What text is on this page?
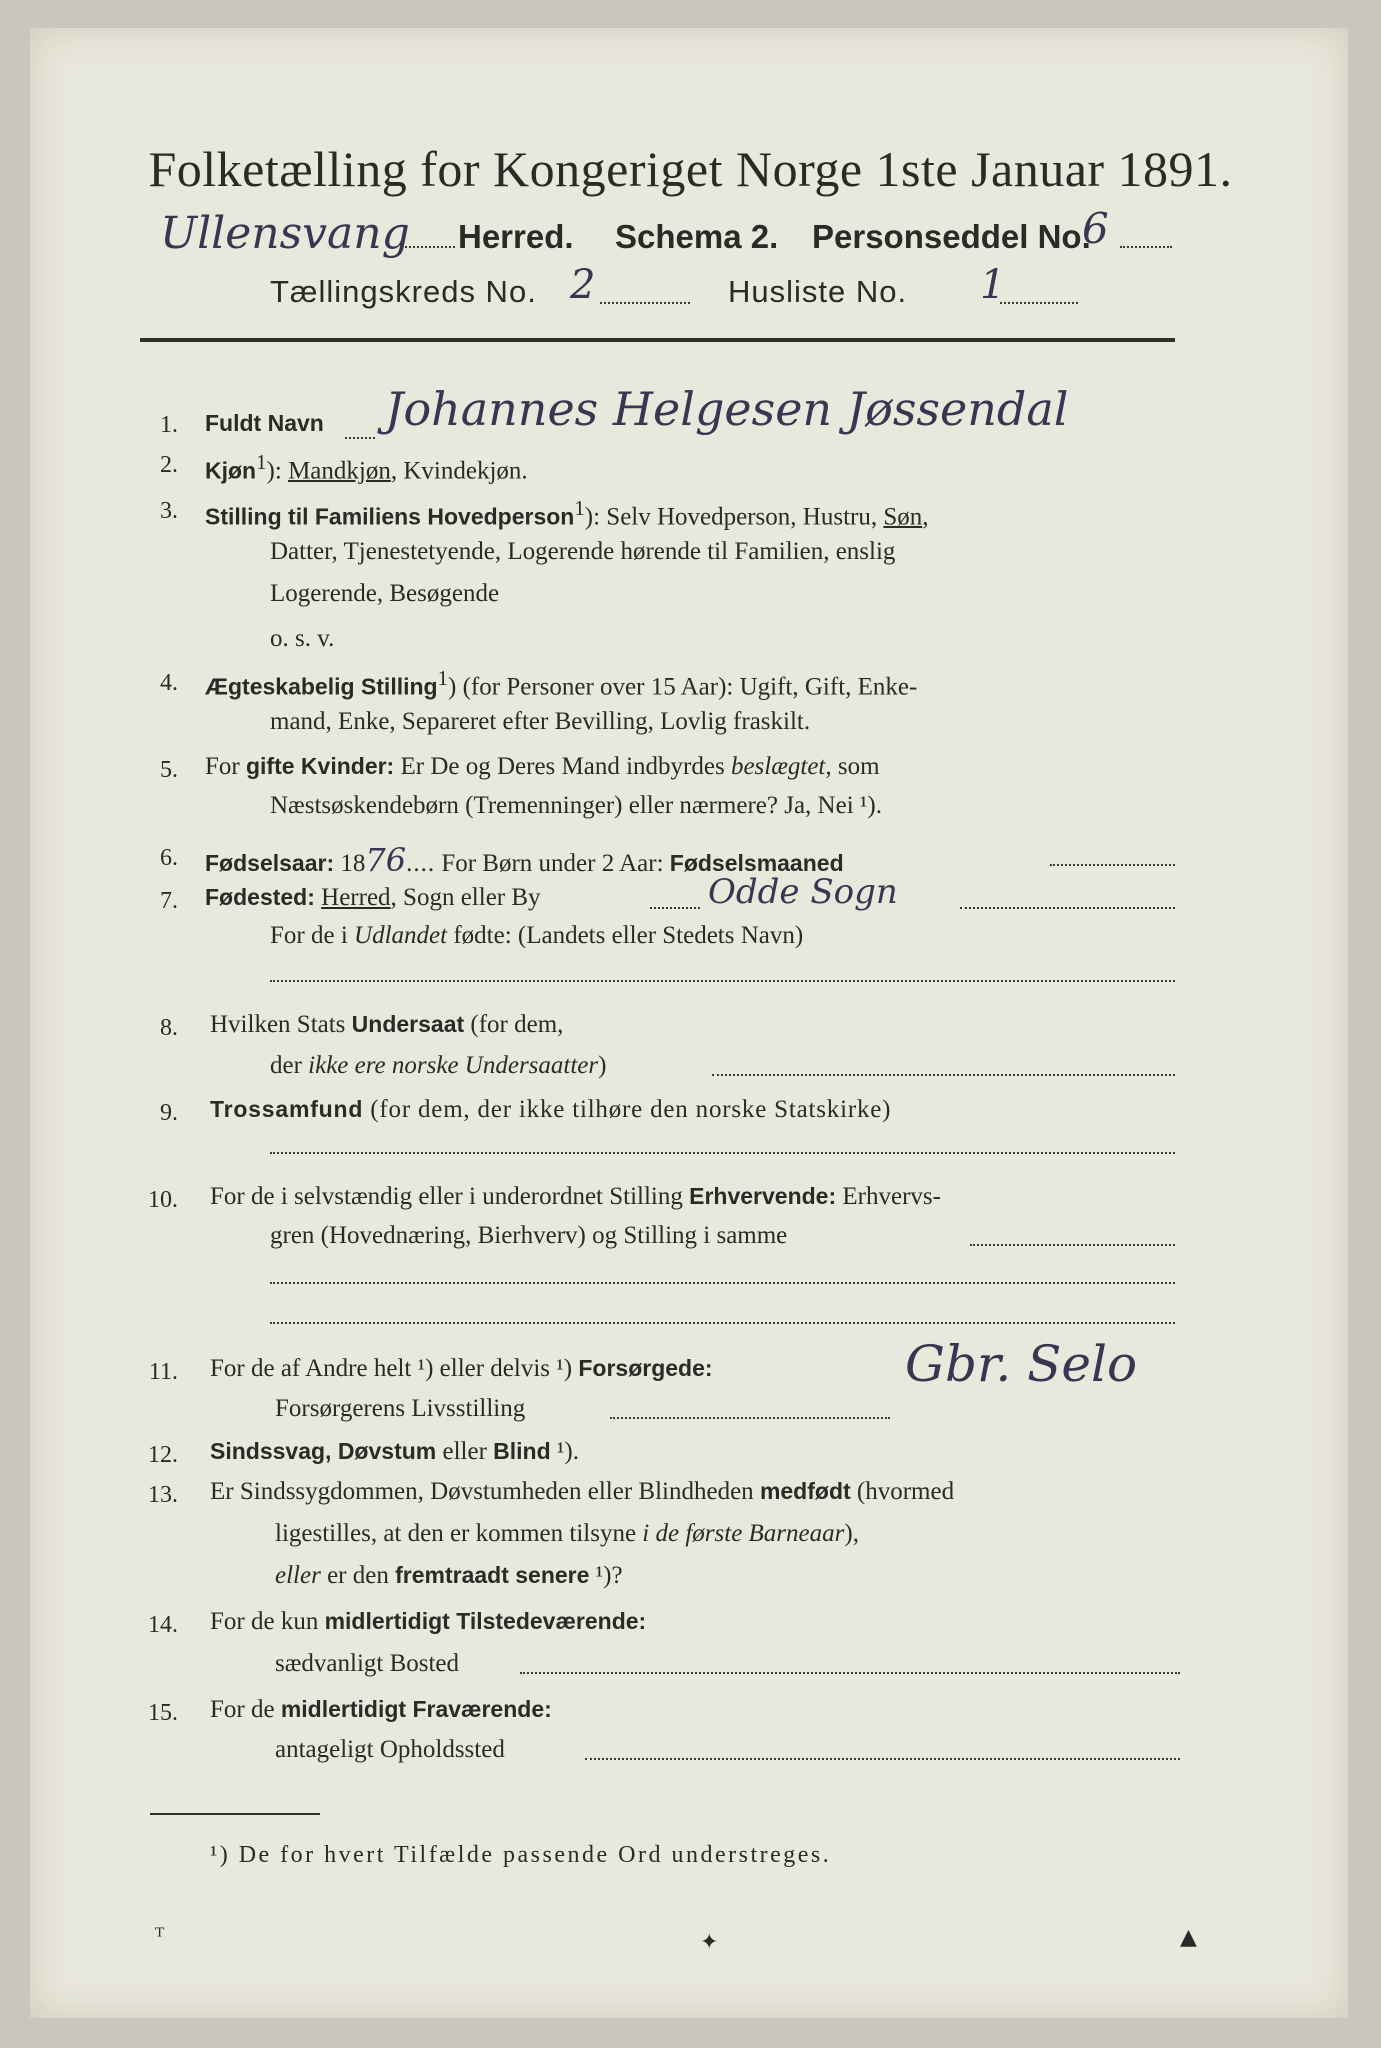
Folketælling for Kongeriget Norge 1ste Januar 1891.
Ullensvang Herred. Schema 2. Personseddel No.
6
Tællingskreds No. 2	Husliste No. 1
1. Fuldt Navn Johannes Helgesen Jøssendal
2. Kjøn$^1$): Mandkjøn, Kvindekjøn.
3. Stilling til Familiens Hovedperson$^1$): Selv Hovedperson, Hustru, Søn,
Datter, Tjenestetyende, Logerende hørende til Familien, enslig
Logerende, Besøgende
o. s. v.
4. Ægteskabelig Stilling$^1$) (for Personer over 15 Aar): Ugift, Gift, Enke-
mand, Enke, Separeret efter Bevilling, Lovlig fraskilt.
5. For gifte Kvinder: Er De og Deres Mand indbyrdes beslægtet, som
Næstsøskendebørn (Tremenninger) eller nærmere? Ja, Nei ¹).
6. Fødselsaar: 1876.... For Børn under 2 Aar: Fødselsmaaned
7. Fødested: Herred, Sogn eller By	Odde Sogn
For de i Udlandet fødte: (Landets eller Stedets Navn)
8. Hvilken Stats Undersaat (for dem,
der ikke ere norske Undersaatter)
9. Trossamfund (for dem, der ikke tilhøre den norske Statskirke)
10. For de i selvstændig eller i underordnet Stilling Erhvervende: Erhvervs-
gren (Hovednæring, Bierhverv) og Stilling i samme
11. For de af Andre helt ¹) eller delvis ¹) Forsørgede:	Gbr. Selo
Forsørgerens Livsstilling
12. Sindssvag, Døvstum eller Blind ¹).
13. Er Sindssygdommen, Døvstumheden eller Blindheden medfødt (hvormed
ligestilles, at den er kommen tilsyne i de første Barneaar),
eller er den fremtraadt senere ¹)?
14. For de kun midlertidigt Tilstedeværende:
sædvanligt Bosted
15. For de midlertidigt Fraværende:
antageligt Opholdssted
¹) De for hvert Tilfælde passende Ord understreges.
ᵀ	✦	▲
